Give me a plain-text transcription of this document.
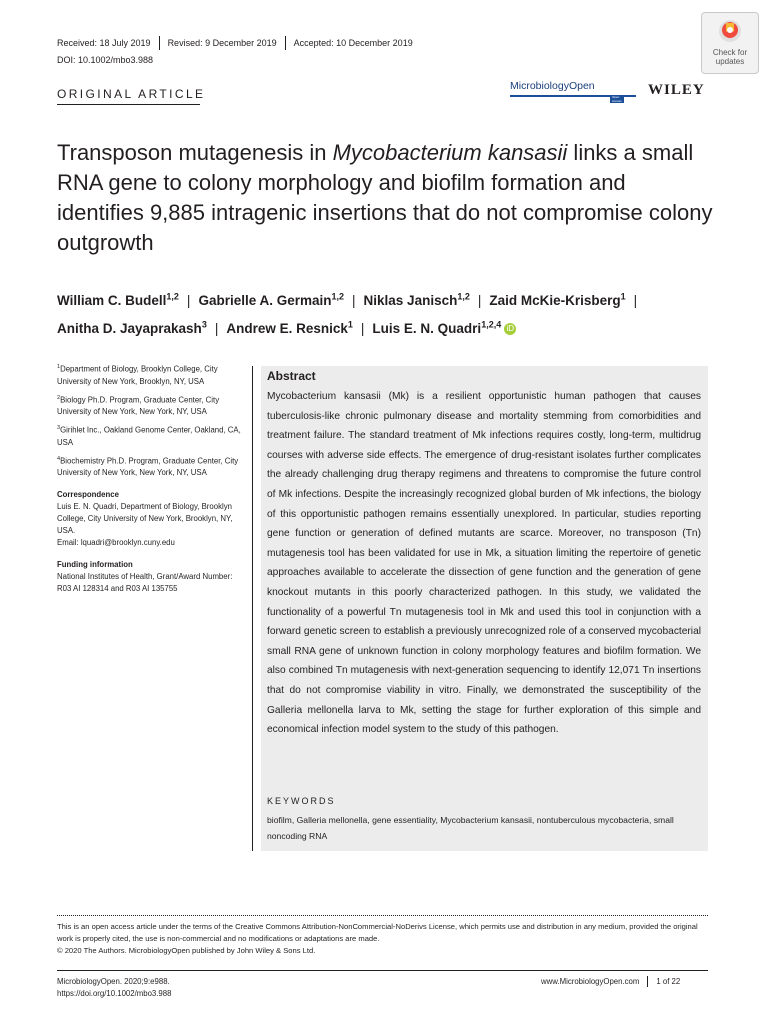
Received: 18 July 2019 Revised: 9 December 2019 Accepted: 10 December 2019
DOI: 10.1002/mbo3.988
Check for
updates
ORIGINAL ARTICLE
MicrobiologyOpen
Open Access
WILEY
Transposon mutagenesis in Mycobacterium kansasii links a small RNA gene to colony morphology and biofilm formation and identifies 9,885 intragenic insertions that do not compromise colony outgrowth
William C. Budell$^{1,2}$ | Gabrielle A. Germain$^{1,2}$ | Niklas Janisch$^{1,2}$ | Zaid McKie-Krisberg$^1$ |
Anitha D. Jayaprakash$^3$ | Andrew E. Resnick$^1$ | Luis E. N. Quadri$^{1,2,4}$ iD
$^1$Department of Biology, Brooklyn College, City University of New York, Brooklyn, NY, USA
$^2$Biology Ph.D. Program, Graduate Center, City University of New York, New York, NY, USA
$^3$Girihlet Inc., Oakland Genome Center, Oakland, CA, USA
$^4$Biochemistry Ph.D. Program, Graduate Center, City University of New York, New York, NY, USA
Correspondence
Luis E. N. Quadri, Department of Biology, Brooklyn College, City University of New York, Brooklyn, NY, USA.
Email: lquadri@brooklyn.cuny.edu
Funding information
National Institutes of Health, Grant/Award Number: R03 AI 128314 and R03 AI 135755
Abstract
Mycobacterium kansasii (Mk) is a resilient opportunistic human pathogen that causes tuberculosis-like chronic pulmonary disease and mortality stemming from comorbidities and treatment failure. The standard treatment of Mk infections requires costly, long-term, multidrug courses with adverse side effects. The emergence of drug-resistant isolates further complicates the already challenging drug therapy regimens and threatens to compromise the future control of Mk infections. Despite the increasingly recognized global burden of Mk infections, the biology of this opportunistic pathogen remains essentially unexplored. In particular, studies reporting gene function or generation of defined mutants are scarce. Moreover, no transposon (Tn) mutagenesis tool has been validated for use in Mk, a situation limiting the repertoire of genetic approaches available to accelerate the dissection of gene function and the generation of gene knockout mutants in this poorly characterized pathogen. In this study, we validated the functionality of a powerful Tn mutagenesis tool in Mk and used this tool in conjunction with a forward genetic screen to establish a previously unrecognized role of a conserved mycobacterial small RNA gene of unknown function in colony morphology features and biofilm formation. We also combined Tn mutagenesis with next-generation sequencing to identify 12,071 Tn insertions that do not compromise viability in vitro. Finally, we demonstrated the susceptibility of the Galleria mellonella larva to Mk, setting the stage for further exploration of this simple and economical infection model system to the study of this pathogen.
KEYWORDS
biofilm, Galleria mellonella, gene essentiality, Mycobacterium kansasii, nontuberculous mycobacteria, small noncoding RNA
This is an open access article under the terms of the Creative Commons Attribution-NonCommercial-NoDerivs License, which permits use and distribution in any medium, provided the original work is properly cited, the use is non-commercial and no modifications or adaptations are made.
© 2020 The Authors. MicrobiologyOpen published by John Wiley & Sons Ltd.
MicrobiologyOpen. 2020;9:e988.
https://doi.org/10.1002/mbo3.988
www.MicrobiologyOpen.com 1 of 22
